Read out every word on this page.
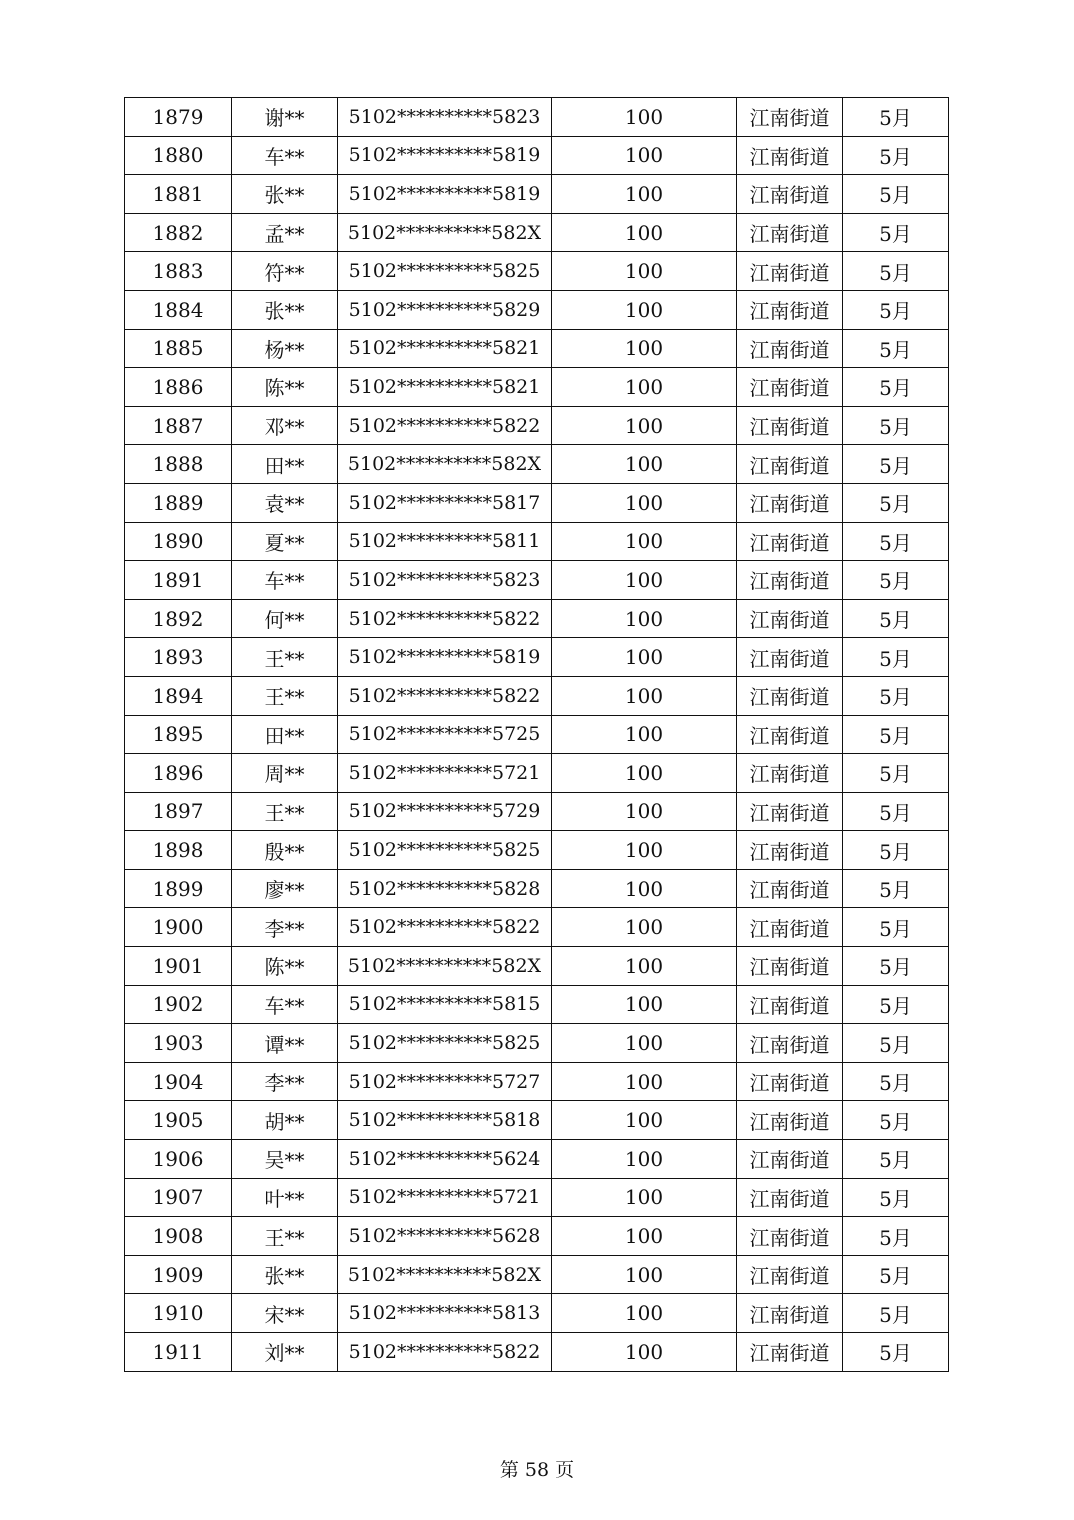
1879	谢**	5102**********5823	100	江南街道	5月
1880	车**	5102**********5819	100	江南街道	5月
1881	张**	5102**********5819	100	江南街道	5月
1882	孟**	5102**********582X	100	江南街道	5月
1883	符**	5102**********5825	100	江南街道	5月
1884	张**	5102**********5829	100	江南街道	5月
1885	杨**	5102**********5821	100	江南街道	5月
1886	陈**	5102**********5821	100	江南街道	5月
1887	邓**	5102**********5822	100	江南街道	5月
1888	田**	5102**********582X	100	江南街道	5月
1889	袁**	5102**********5817	100	江南街道	5月
1890	夏**	5102**********5811	100	江南街道	5月
1891	车**	5102**********5823	100	江南街道	5月
1892	何**	5102**********5822	100	江南街道	5月
1893	王**	5102**********5819	100	江南街道	5月
1894	王**	5102**********5822	100	江南街道	5月
1895	田**	5102**********5725	100	江南街道	5月
1896	周**	5102**********5721	100	江南街道	5月
1897	王**	5102**********5729	100	江南街道	5月
1898	殷**	5102**********5825	100	江南街道	5月
1899	廖**	5102**********5828	100	江南街道	5月
1900	李**	5102**********5822	100	江南街道	5月
1901	陈**	5102**********582X	100	江南街道	5月
1902	车**	5102**********5815	100	江南街道	5月
1903	谭**	5102**********5825	100	江南街道	5月
1904	李**	5102**********5727	100	江南街道	5月
1905	胡**	5102**********5818	100	江南街道	5月
1906	吴**	5102**********5624	100	江南街道	5月
1907	叶**	5102**********5721	100	江南街道	5月
1908	王**	5102**********5628	100	江南街道	5月
1909	张**	5102**********582X	100	江南街道	5月
1910	宋**	5102**********5813	100	江南街道	5月
1911	刘**	5102**********5822	100	江南街道	5月
第 58 页
